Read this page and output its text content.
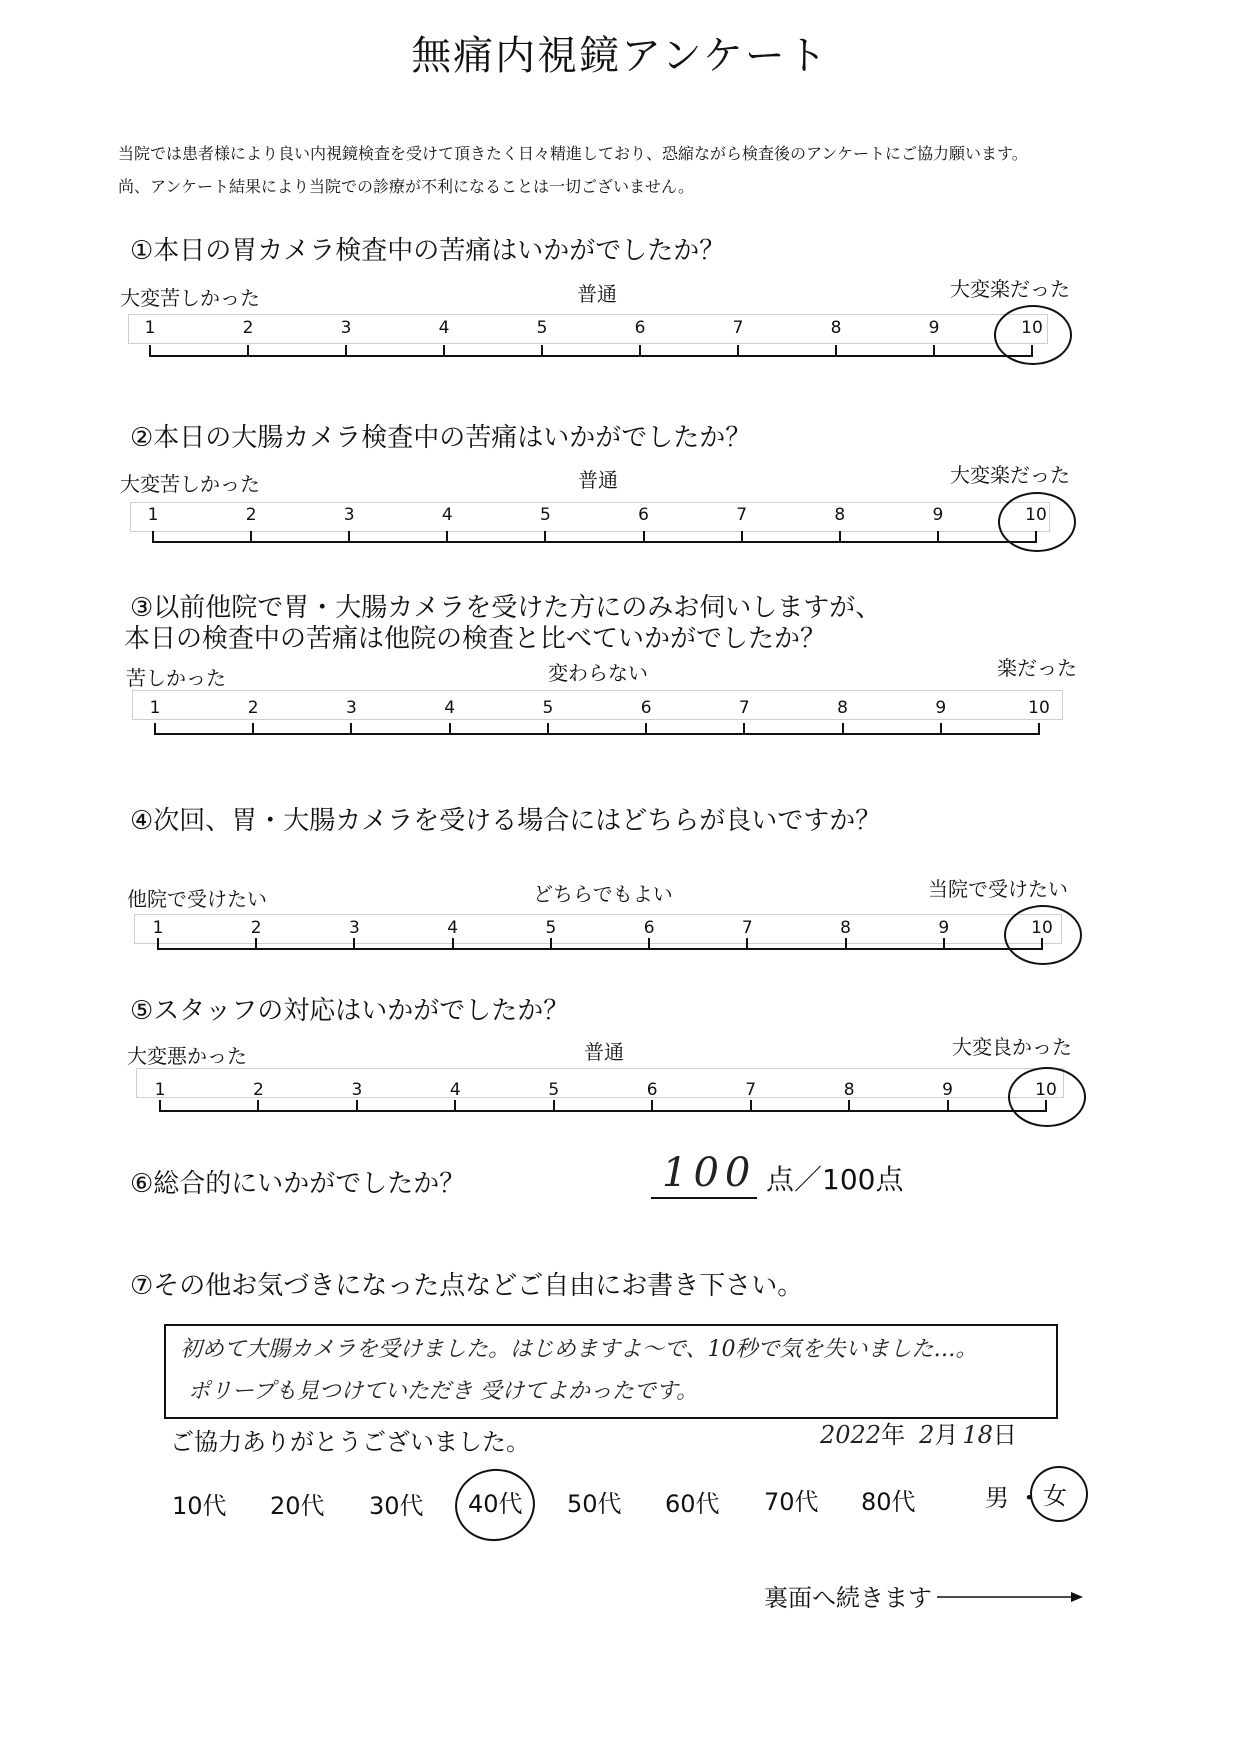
無痛内視鏡アンケート
当院では患者様により良い内視鏡検査を受けて頂きたく日々精進しており、恐縮ながら検査後のアンケートにご協力願います。
尚、アンケート結果により当院での診療が不利になることは一切ございません。
①本日の胃カメラ検査中の苦痛はいかがでしたか？
大変苦しかった	普通	大変楽だった
②本日の大腸カメラ検査中の苦痛はいかがでしたか？
大変苦しかった	普通	大変楽だった
③以前他院で胃・大腸カメラを受けた方にのみお伺いしますが、
本日の検査中の苦痛は他院の検査と比べていかがでしたか？
苦しかった	変わらない	楽だった
④次回、胃・大腸カメラを受ける場合にはどちらが良いですか？
他院で受けたい	どちらでもよい	当院で受けたい
⑤スタッフの対応はいかがでしたか？
大変悪かった	普通	大変良かった
1	2	3	4	5	6	7	8	9	10
1	2	3	4	5	6	7	8	9	10
1	2	3	4	5	6	7	8	9	10
1	2	3	4	5	6	7	8	9	10
1	2	3	4	5	6	7	8	9	10
⑥総合的にいかがでしたか？	100 点／100点
⑦その他お気づきになった点などご自由にお書き下さい。
初めて大腸カメラを受けました。はじめますよ〜で、10秒で気を失いました…。
ポリープも見つけていただき 受けてよかったです。
ご協力ありがとうございました。	2022年 2月 18日
10代 20代 30代 40代 50代 60代 70代 80代	男 ・ 女
裏面へ続きます
